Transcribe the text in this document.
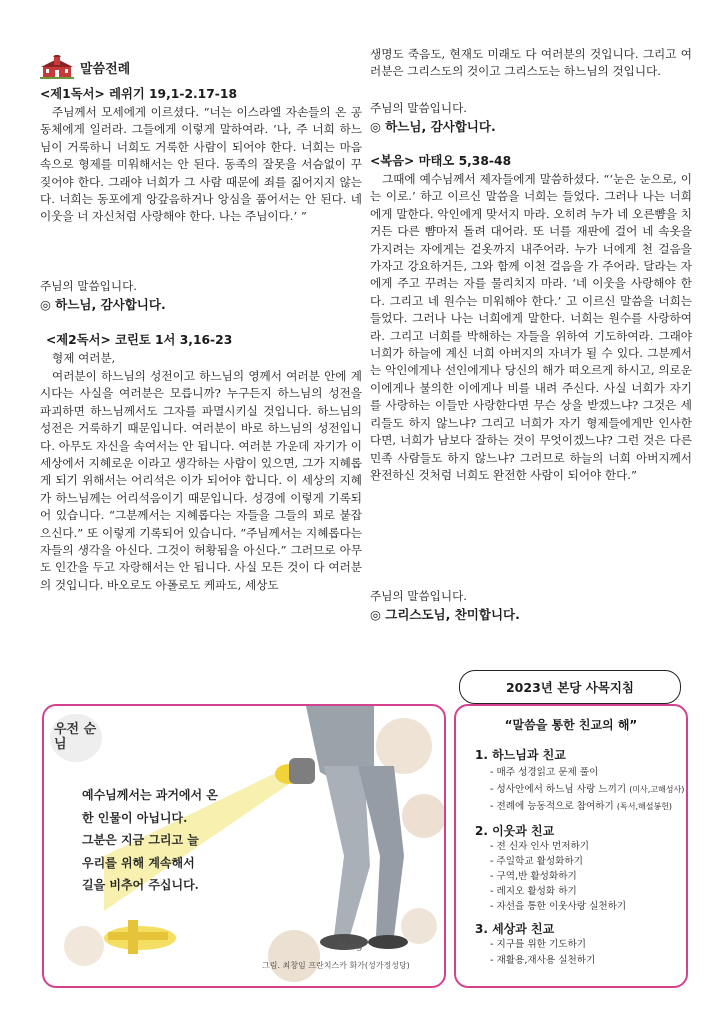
말씀전례

<제1독서> 레위기 19,1-2.17-18

주님께서 모세에게 이르셨다. “너는 이스라엘 자손들의 온 공동체에게 일러라. 그들에게 이렇게 말하여라. ‘나, 주 너희 하느님이 거룩하니 너희도 거룩한 사람이 되어야 한다. 너희는 마음속으로 형제를 미워해서는 안 된다. 동족의 잘못을 서슴없이 꾸짖어야 한다. 그래야 너희가 그 사람 때문에 죄를 짊어지지 않는다. 너희는 동포에게 앙갚음하거나 앙심을 품어서는 안 된다. 네 이웃을 너 자신처럼 사랑해야 한다. 나는 주님이다.’ ”

주님의 말씀입니다.

◎ 하느님, 감사합니다.

<제2독서> 코린토 1서 3,16-23

형제 여러분,

여러분이 하느님의 성전이고 하느님의 영께서 여러분 안에 계시다는 사실을 여러분은 모릅니까? 누구든지 하느님의 성전을 파괴하면 하느님께서도 그자를 파멸시키실 것입니다. 하느님의 성전은 거룩하기 때문입니다. 여러분이 바로 하느님의 성전입니다. 아무도 자신을 속여서는 안 됩니다. 여러분 가운데 자기가 이 세상에서 지혜로운 이라고 생각하는 사람이 있으면, 그가 지혜롭게 되기 위해서는 어리석은 이가 되어야 합니다. 이 세상의 지혜가 하느님께는 어리석음이기 때문입니다. 성경에 이렇게 기록되어 있습니다. “그분께서는 지혜롭다는 자들을 그들의 꾀로 붙잡으신다.” 또 이렇게 기록되어 있습니다. “주님께서는 지혜롭다는 자들의 생각을 아신다. 그것이 허황됨을 아신다.” 그러므로 아무도 인간을 두고 자랑해서는 안 됩니다. 사실 모든 것이 다 여러분의 것입니다. 바오로도 아폴로도 케파도, 세상도

생명도 죽음도, 현재도 미래도 다 여러분의 것입니다. 그리고 여러분은 그리스도의 것이고 그리스도는 하느님의 것입니다.

주님의 말씀입니다.

◎ 하느님, 감사합니다.

<복음> 마태오 5,38-48

그때에 예수님께서 제자들에게 말씀하셨다. “‘눈은 눈으로, 이는 이로.’ 하고 이르신 말씀을 너희는 들었다. 그러나 나는 너희에게 말한다. 악인에게 맞서지 마라. 오히려 누가 네 오른뺨을 치거든 다른 뺨마저 돌려 대어라. 또 너를 재판에 걸어 네 속옷을 가지려는 자에게는 겉옷까지 내주어라. 누가 너에게 천 걸음을 가자고 강요하거든, 그와 함께 이천 걸음을 가 주어라. 달라는 자에게 주고 꾸려는 자를 물리치지 마라. ‘네 이웃을 사랑해야 한다. 그리고 네 원수는 미워해야 한다.’ 고 이르신 말씀을 너희는 들었다. 그러나 나는 너희에게 말한다. 너희는 원수를 사랑하여라. 그리고 너희를 박해하는 자들을 위하여 기도하여라. 그래야 너희가 하늘에 계신 너희 아버지의 자녀가 될 수 있다. 그분께서는 악인에게나 선인에게나 당신의 해가 떠오르게 하시고, 의로운 이에게나 불의한 이에게나 비를 내려 주신다. 사실 너희가 자기를 사랑하는 이들만 사랑한다면 무슨 상을 받겠느냐? 그것은 세리들도 하지 않느냐? 그리고 너희가 자기 형제들에게만 인사한다면, 너희가 남보다 잘하는 것이 무엇이겠느냐? 그런 것은 다른 민족 사람들도 하지 않느냐? 그러므로 하늘의 너희 아버지께서 완전하신 것처럼 너희도 완전한 사람이 되어야 한다.”

주님의 말씀입니다.

◎ 그리스도님, 찬미합니다.

우전 순님
Hang
예수님께서는 과거에서 온
한 인물이 아닙니다.
그분은 지금 그리고 늘
우리를 위해 계속해서
길을 비추어 주십니다.
그림. 최창임 프란치스카 화가(성가정성당)
2023년 본당 사목지침
“말씀을 통한 친교의 해”
1. 하느님과 친교
- 매주 성경읽고 문제 풀이
- 성사안에서 하느님 사랑 느끼기 (미사,고해성사)
- 전례에 능동적으로 참여하기 (독서,해설봉헌)
2. 이웃과 친교
- 전 신자 인사 먼저하기
- 주일학교 활성화하기
- 구역,반 활성화하기
- 레지오 활성화 하기
- 자선을 통한 이웃사랑 실천하기
3. 세상과 친교
- 지구를 위한 기도하기
- 재활용,재사용 실천하기
